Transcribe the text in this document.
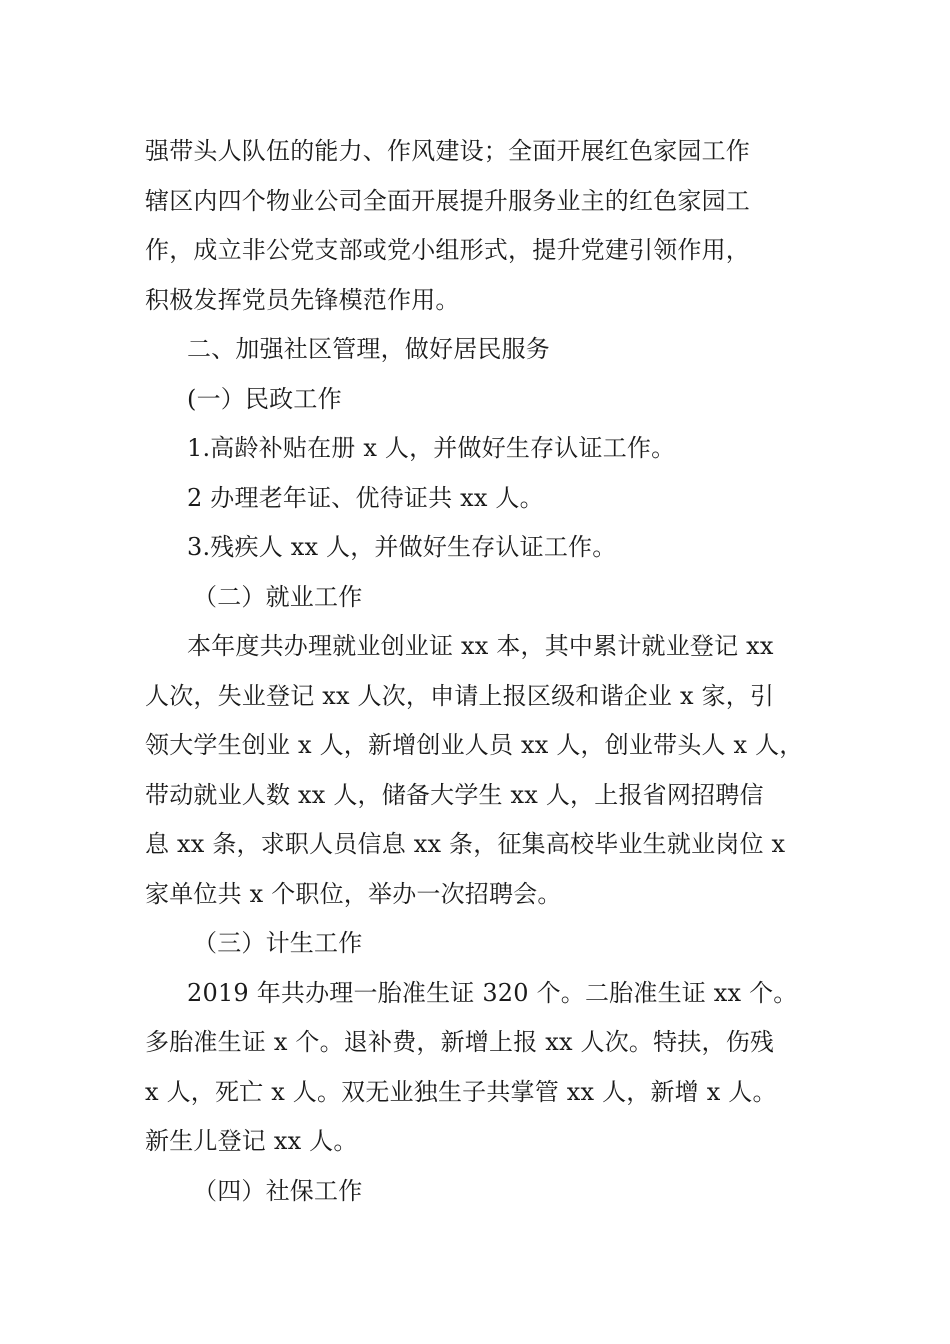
强带头人队伍的能力、作风建设；全面开展红色家园工作
辖区内四个物业公司全面开展提升服务业主的红色家园工
作，成立非公党支部或党小组形式，提升党建引领作用，
积极发挥党员先锋模范作用。
二、加强社区管理，做好居民服务
(一）民政工作
1.高龄补贴在册 x 人，并做好生存认证工作。
2 办理老年证、优待证共 xx 人。
3.残疾人 xx 人，并做好生存认证工作。
（二）就业工作
本年度共办理就业创业证 xx 本，其中累计就业登记 xx
人次，失业登记 xx 人次，申请上报区级和谐企业 x 家，引
领大学生创业 x 人，新增创业人员 xx 人，创业带头人 x 人，
带动就业人数 xx 人，储备大学生 xx 人，上报省网招聘信
息 xx 条，求职人员信息 xx 条，征集高校毕业生就业岗位 x
家单位共 x 个职位，举办一次招聘会。
（三）计生工作
2019 年共办理一胎准生证 320 个。二胎准生证 xx 个。
多胎准生证 x 个。退补费，新增上报 xx 人次。特扶，伤残
x 人，死亡 x 人。双无业独生子共掌管 xx 人，新增 x 人。
新生儿登记 xx 人。
（四）社保工作
